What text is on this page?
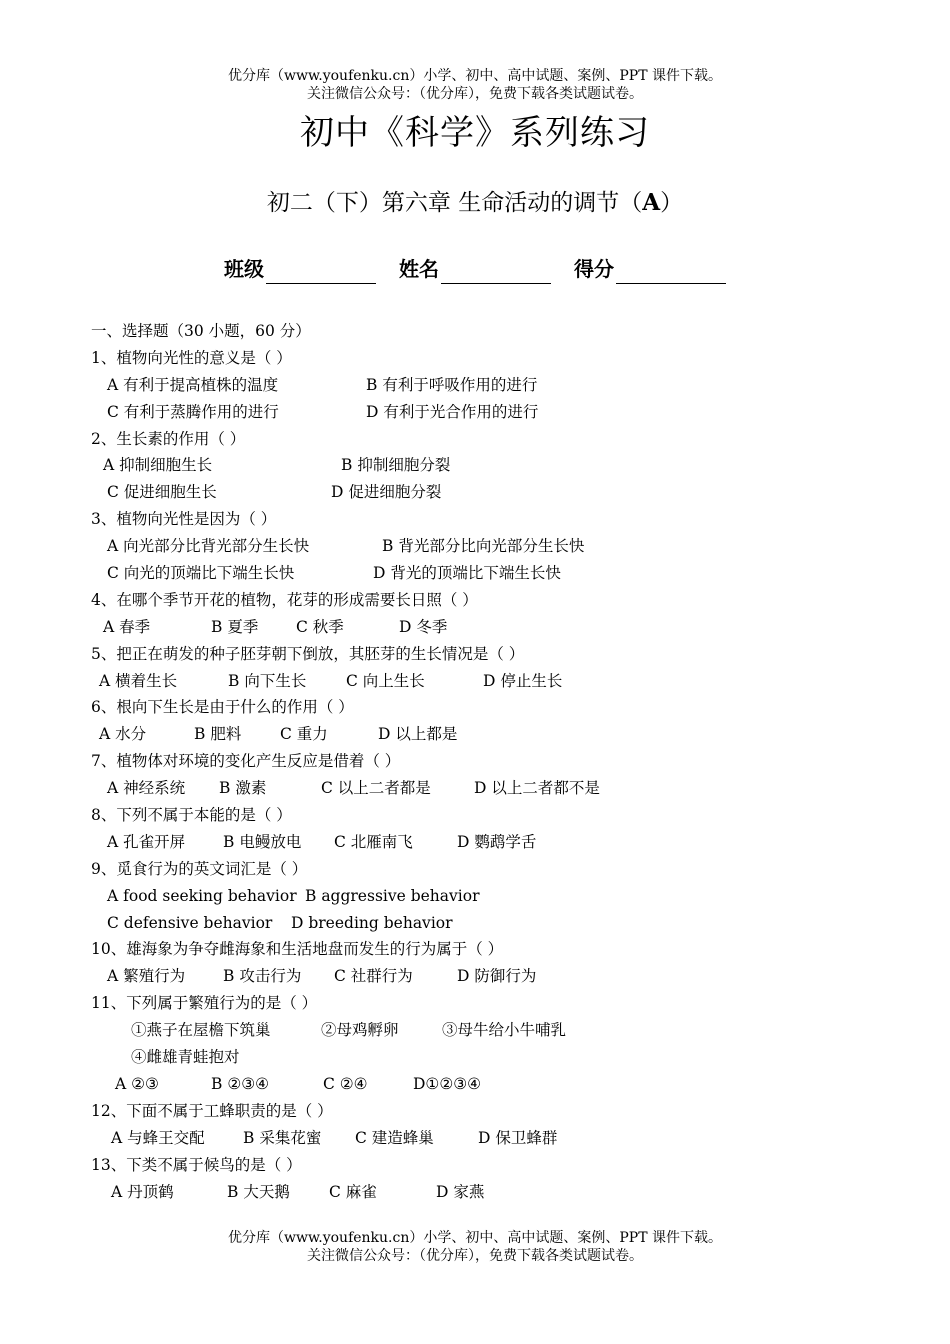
优分库（www.youfenku.cn）小学、初中、高中试题、案例、PPT 课件下载。
关注微信公众号：（优分库），免费下载各类试题试卷。
初中《科学》系列练习
初二（下）第六章 生命活动的调节（A）
班级	姓名	得分
一、选择题（30 小题，60 分）
1、植物向光性的意义是（ ）
A 有利于提高植株的温度	B 有利于呼吸作用的进行
C 有利于蒸腾作用的进行	D 有利于光合作用的进行
2、生长素的作用（ ）
A 抑制细胞生长	B 抑制细胞分裂
C 促进细胞生长	D 促进细胞分裂
3、植物向光性是因为（ ）
A 向光部分比背光部分生长快	B 背光部分比向光部分生长快
C 向光的顶端比下端生长快	D 背光的顶端比下端生长快
4、在哪个季节开花的植物，花芽的形成需要长日照（ ）
A 春季	B 夏季 C 秋季	D 冬季
5、把正在萌发的种子胚芽朝下倒放，其胚芽的生长情况是（ ）
A 横着生长	B 向下生长	C 向上生长	D 停止生长
6、根向下生长是由于什么的作用（ ）
A 水分	B 肥料 C 重力	D 以上都是
7、植物体对环境的变化产生反应是借着（ ）
A 神经系统 B 激素	C 以上二者都是	D 以上二者都不是
8、下列不属于本能的是（ ）
A 孔雀开屏 B 电鳗放电 C 北雁南飞	D 鹦鹉学舌
9、觅食行为的英文词汇是（ ）
A food seeking behavior B aggressive behavior
C defensive behavior D breeding behavior
10、雄海象为争夺雌海象和生活地盘而发生的行为属于（ ）
A 繁殖行为 B 攻击行为 C 社群行为	D 防御行为
11、下列属于繁殖行为的是（ ）
①燕子在屋檐下筑巢	②母鸡孵卵	③母牛给小牛哺乳
④雌雄青蛙抱对
A ②③	B ②③④	C ②④	D①②③④
12、下面不属于工蜂职责的是（ ）
A 与蜂王交配 B 采集花蜜 C 建造蜂巢	D 保卫蜂群
13、下类不属于候鸟的是（ ）
A 丹顶鹤	B 大天鹅	C 麻雀	D 家燕
优分库（www.youfenku.cn）小学、初中、高中试题、案例、PPT 课件下载。
关注微信公众号：（优分库），免费下载各类试题试卷。
